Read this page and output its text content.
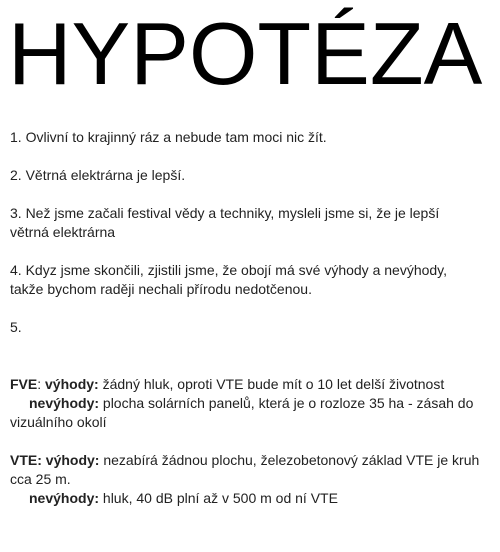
HYPOTÉZA

1. Ovlivní to krajinný ráz a nebude tam moci nic žít.

2. Větrná elektrárna je lepší.

3. Než jsme začali festival vědy a techniky, mysleli jsme si, že je lepší větrná elektrárna

4. Kdyz jsme skončili, zjistili jsme, že obojí má své výhody a nevýhody, takže bychom raději nechali přírodu nedotčenou.

5.

FVE: výhody: žádný hluk, oproti VTE bude mít o 10 let delší životnost
nevýhody: plocha solárních panelů, která je o rozloze 35 ha - zásah do vizuálního okolí
VTE: výhody: nezabírá žádnou plochu, železobetonový základ VTE je kruh cca 25 m.
nevýhody: hluk, 40 dB plní až v 500 m od ní VTE
